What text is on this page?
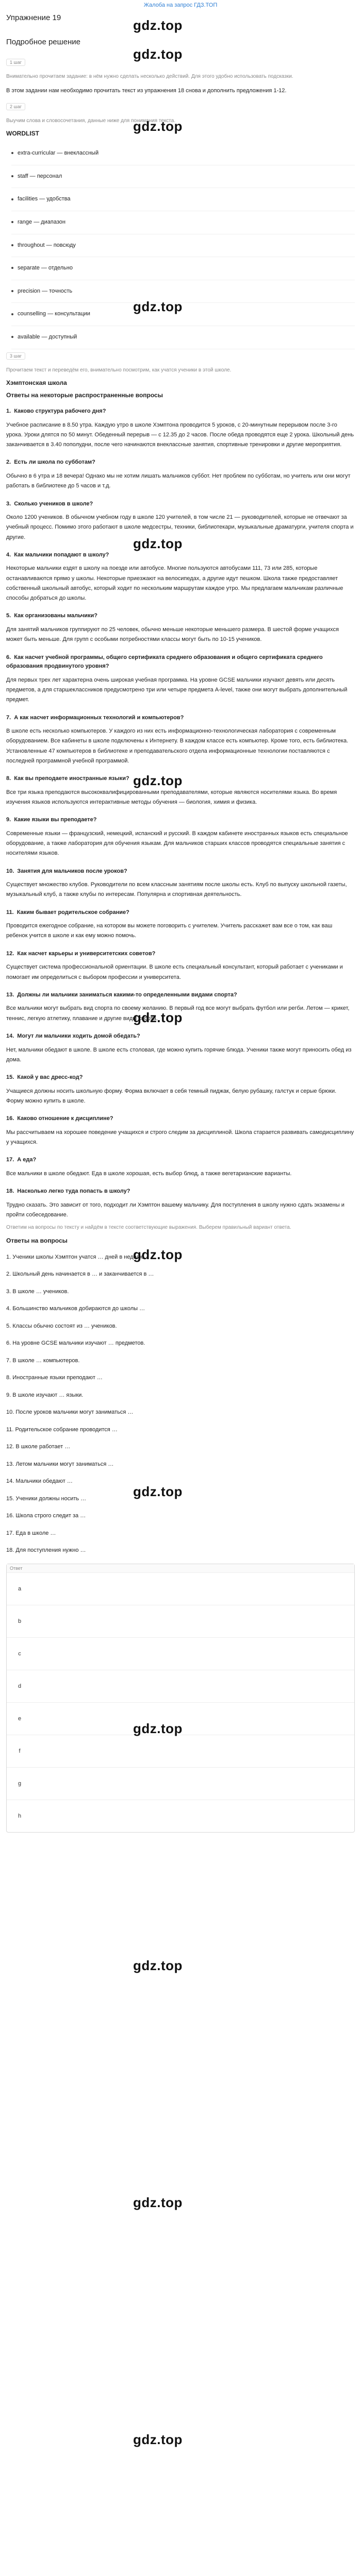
Жалоба на запрос ГДЗ.ТОП
gdz.top
gdz.top
gdz.top
gdz.top
gdz.top
gdz.top
gdz.top
gdz.top
gdz.top
gdz.top
gdz.top
gdz.top
gdz.top
Упражнение 19
Подробное решение
1 шаг
Внимательно прочитаем задание: в нём нужно сделать несколько действий. Для этого удобно использовать подсказки.

В этом задании нам необходимо прочитать текст из упражнения 18 снова и дополнить предложения 1-12.

2 шаг
Выучим слова и словосочетания, данные ниже для понимания текста.
WORDLIST
extra-curricular — внеклассный
staff — персонал
facilities — удобства
range — диапазон
throughout — повсюду
separate — отдельно
precision — точность
counselling — консультации
available — доступный
3 шаг
Прочитаем текст и переведём его, внимательно посмотрим, как учатся ученики в этой школе.
Хэмптонская школа
Ответы на некоторые распространенные вопросы
1. Каково структура рабочего дня?

Учебное расписание в 8.50 утра. Каждую утро в школе Хэмптона проводится 5 уроков, с 20-минутным перерывом после 3-го урока. Уроки длятся по 50 минут. Обеденный перерыв — с 12.35 до 2 часов. После обеда проводятся еще 2 урока. Школьный день заканчивается в 3.40 пополудни, после чего начинаются внеклассные занятия, спортивные тренировки и другие мероприятия.

2. Есть ли школа по субботам?

Обычно в 6 утра и 18 вечера! Однако мы не хотим лишать мальчиков суббот. Нет проблем по субботам, но учитель или они могут работать в библиотеке до 5 часов и т.д.

3. Сколько учеников в школе?

Около 1200 учеников. В обычном учебном году в школе 120 учителей, в том числе 21 — руководителей, которые не отвечают за учебный процесс. Помимо этого работают в школе медсестры, техники, библиотекари, музыкальные драматурги, учителя спорта и другие.

4. Как мальчики попадают в школу?

Некоторые мальчики ездят в школу на поезде или автобусе. Многие пользуются автобусами 111, 73 или 285, которые останавливаются прямо у школы. Некоторые приезжают на велосипедах, а другие идут пешком. Школа также предоставляет собственный школьный автобус, который ходит по нескольким маршрутам каждое утро. Мы предлагаем мальчикам различные способы добраться до школы.

5. Как организованы мальчики?

Для занятий мальчиков группируют по 25 человек, обычно меньше некоторые меньшего размера. В шестой форме учащихся может быть меньше. Для групп с особыми потребностями классы могут быть по 10-15 учеников.

6. Как насчет учебной программы, общего сертификата среднего образования и общего сертификата среднего образования продвинутого уровня?

Для первых трех лет характерна очень широкая учебная программа. На уровне GCSE мальчики изучают девять или десять предметов, а для старшеклассников предусмотрено три или четыре предмета A-level, также они могут выбрать дополнительный предмет.

7. А как насчет информационных технологий и компьютеров?

В школе есть несколько компьютеров. У каждого из них есть информационно-технологическая лаборатория с современным оборудованием. Все кабинеты в школе подключены к Интернету. В каждом классе есть компьютер. Кроме того, есть библиотека. Установленные 47 компьютеров в библиотеке и преподавательского отдела информационные технологии поставляются с последней программной учебной программой.

8. Как вы преподаете иностранные языки?

Все три языка преподаются высококвалифицированными преподавателями, которые являются носителями языка. Во время изучения языков используются интерактивные методы обучения — биология, химия и физика.

9. Какие языки вы преподаете?

Современные языки — французский, немецкий, испанский и русский. В каждом кабинете иностранных языков есть специальное оборудование, а также лаборатория для обучения языкам. Для мальчиков старших классов проводятся специальные занятия с носителями языков.

10. Занятия для мальчиков после уроков?

Существует множество клубов. Руководители по всем классным занятиям после школы есть. Клуб по выпуску школьной газеты, музыкальный клуб, а также клубы по интересам. Популярна и спортивная деятельность.

11. Каким бывает родительское собрание?

Проводится ежегодное собрание, на котором вы можете поговорить с учителем. Учитель расскажет вам все о том, как ваш ребенок учится в школе и как ему можно помочь.

12. Как насчет карьеры и университетских советов?

Существует система профессиональной ориентации. В школе есть специальный консультант, который работает с учениками и помогает им определиться с выбором профессии и университета.

13. Должны ли мальчики заниматься какими-то определенными видами спорта?

Все мальчики могут выбрать вид спорта по своему желанию. В первый год все могут выбрать футбол или регби. Летом — крикет, теннис, легкую атлетику, плавание и другие виды спорта.

14. Могут ли мальчики ходить домой обедать?

Нет, мальчики обедают в школе. В школе есть столовая, где можно купить горячие блюда. Ученики также могут приносить обед из дома.

15. Какой у вас дресс-код?

Учащиеся должны носить школьную форму. Форма включает в себя темный пиджак, белую рубашку, галстук и серые брюки. Форму можно купить в школе.

16. Каково отношение к дисциплине?

Мы рассчитываем на хорошее поведение учащихся и строго следим за дисциплиной. Школа старается развивать самодисциплину у учащихся.

17. А еда?

Все мальчики в школе обедают. Еда в школе хорошая, есть выбор блюд, а также вегетарианские варианты.

18. Насколько легко туда попасть в школу?

Трудно сказать. Это зависит от того, подходит ли Хэмптон вашему мальчику. Для поступления в школу нужно сдать экзамены и пройти собеседование.

Ответим на вопросы по тексту и найдём в тексте соответствующие выражения. Выберем правильный вариант ответа.
Ответы на вопросы

1. Ученики школы Хэмптон учатся … дней в неделю.

2. Школьный день начинается в … и заканчивается в …

3. В школе … учеников.

4. Большинство мальчиков добираются до школы …

5. Классы обычно состоят из … учеников.

6. На уровне GCSE мальчики изучают … предметов.

7. В школе … компьютеров.

8. Иностранные языки преподают …

9. В школе изучают … языки.

10. После уроков мальчики могут заниматься …

11. Родительское собрание проводится …

12. В школе работает …

13. Летом мальчики могут заниматься …

14. Мальчики обедают …

15. Ученики должны носить …

16. Школа строго следит за …

17. Еда в школе …

18. Для поступления нужно …

Ответ
a
b
c
d
e
f
g
h
